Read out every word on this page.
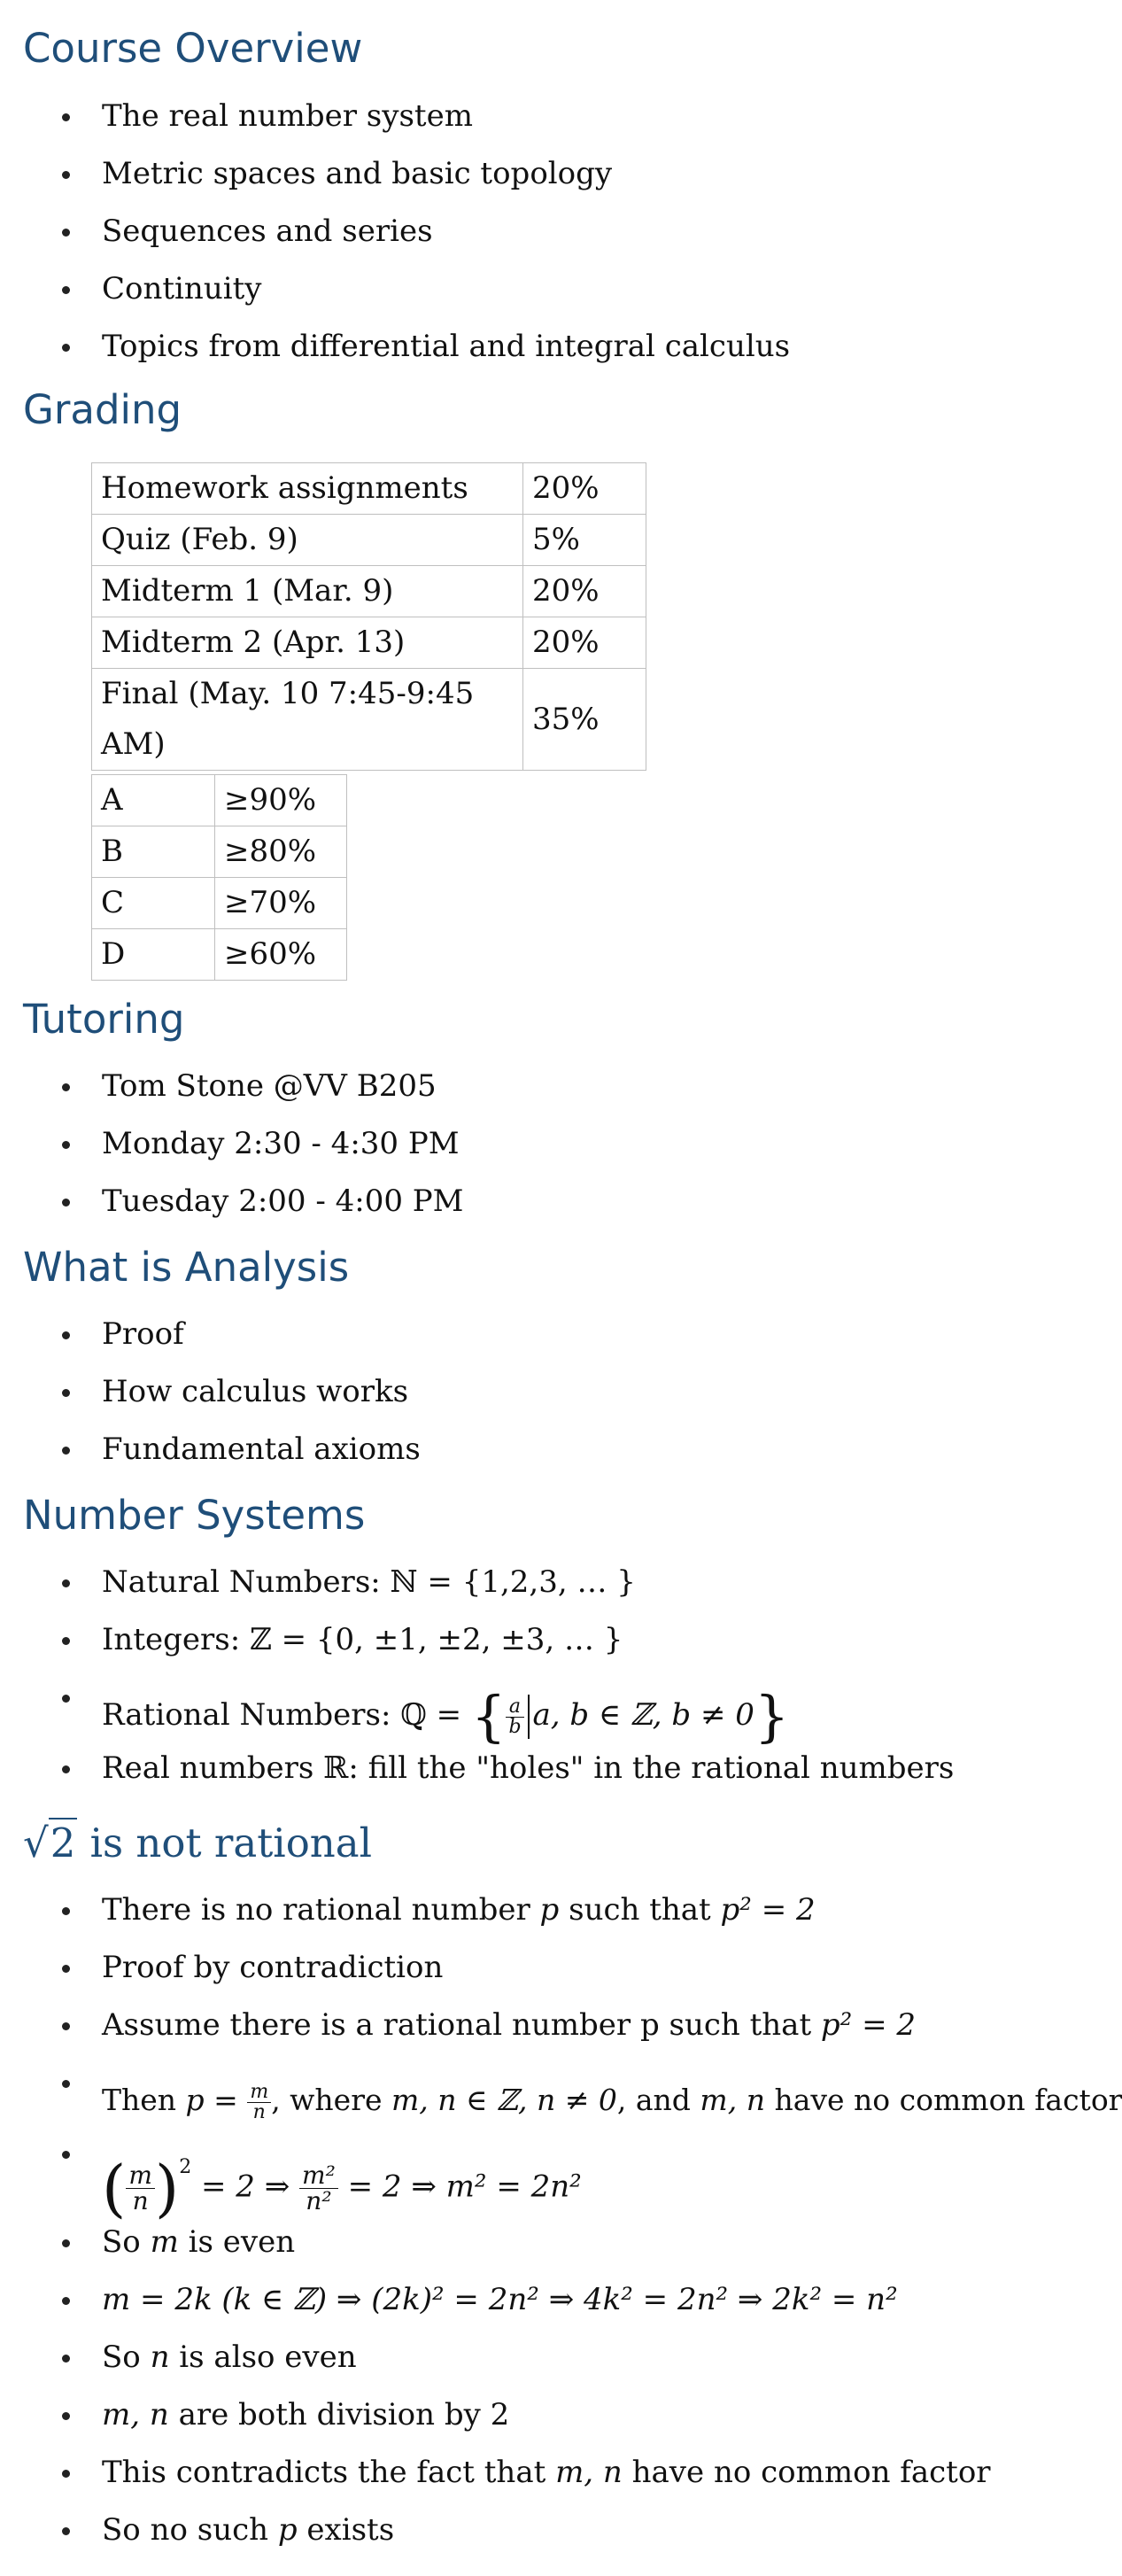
Course Overview
The real number system
Metric spaces and basic topology
Sequences and series
Continuity
Topics from differential and integral calculus
Grading
Homework assignments	20%
Quiz (Feb. 9)	5%
Midterm 1 (Mar. 9)	20%
Midterm 2 (Apr. 13)	20%
Final (May. 10 7:45-9:45 AM)	35%
A	≥90%
B	≥80%
C	≥70%
D	≥60%
Tutoring
Tom Stone @VV B205
Monday 2:30 - 4:30 PM
Tuesday 2:00 - 4:00 PM
What is Analysis
Proof
How calculus works
Fundamental axioms
Number Systems
Natural Numbers: ℕ = {1,2,3, … }
Integers: ℤ = {0, ±1, ±2, ±3, … }
Rational Numbers: ℚ = { $\frac{a}{b} a$, b ∈ ℤ, b ≠ 0}
Real numbers ℝ: fill the "holes" in the rational numbers
√2 is not rational
There is no rational number p such that p² = 2
Proof by contradiction
Assume there is a rational number p such that p² = 2
Then $p = \frac{m}{n}$ , where m, n ∈ ℤ, n ≠ 0, and m, n have no common factor
( $\frac{m}{n} )^2 = 2$ ⇒ $\frac{\text{m²}}{\text{n²}} = 2$ ⇒ m² = 2n²
So m is even
m = 2k (k ∈ ℤ) ⇒ (2k)² = 2n² ⇒ 4k² = 2n² ⇒ 2k² = n²
So n is also even
m, n are both division by 2
This contradicts the fact that m, n have no common factor
So no such p exists
